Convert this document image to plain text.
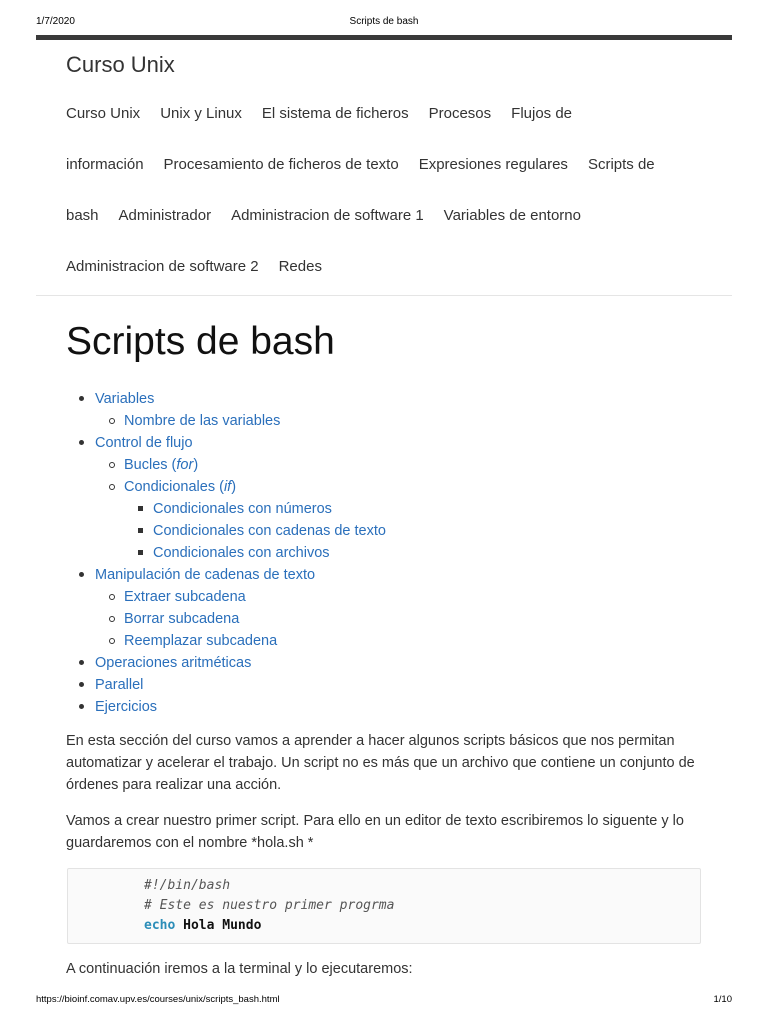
1/7/2020	Scripts de bash
Curso Unix
Curso Unix Unix y Linux El sistema de ficheros Procesos Flujos de
información Procesamiento de ficheros de texto Expresiones regulares Scripts de
bash Administrador Administracion de software 1 Variables de entorno
Administracion de software 2 Redes
Scripts de bash
Variables
Nombre de las variables
Control de flujo
Bucles (for)
Condicionales (if)
Condicionales con números
Condicionales con cadenas de texto
Condicionales con archivos
Manipulación de cadenas de texto
Extraer subcadena
Borrar subcadena
Reemplazar subcadena
Operaciones aritméticas
Parallel
Ejercicios

En esta sección del curso vamos a aprender a hacer algunos scripts básicos que nos permitan automatizar y acelerar el trabajo. Un script no es más que un archivo que contiene un conjunto de órdenes para realizar una acción.

Vamos a crear nuestro primer script. Para ello en un editor de texto escribiremos lo siguente y lo guardaremos con el nombre *hola.sh *

#!/bin/bash
# Este es nuestro primer progrma
echo Hola Mundo

A continuación iremos a la terminal y lo ejecutaremos:

https://bioinf.comav.upv.es/courses/unix/scripts_bash.html	1/10
